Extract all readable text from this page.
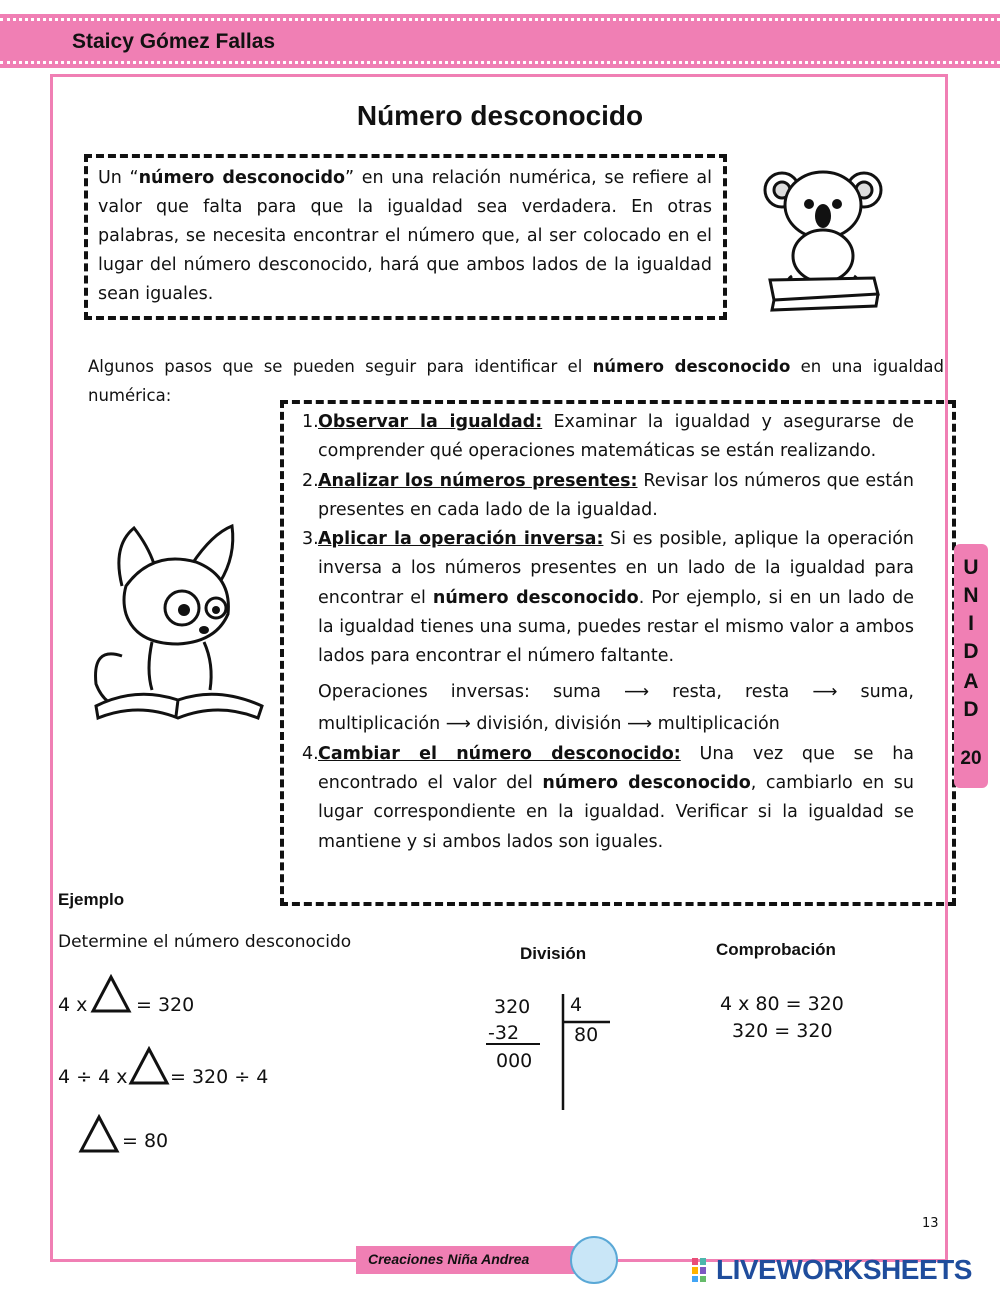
Staicy Gómez Fallas
Número desconocido

Un “número desconocido” en una relación numérica, se refiere al valor que falta para que la igualdad sea verdadera. En otras palabras, se necesita encontrar el número que, al ser colocado en el lugar del número desconocido, hará que ambos lados de la igualdad sean iguales.

Algunos pasos que se pueden seguir para identificar el número desconocido en una igualdad numérica:

1. Observar la igualdad: Examinar la igualdad y asegurarse de comprender qué operaciones matemáticas se están realizando.
2. Analizar los números presentes: Revisar los números que están presentes en cada lado de la igualdad.
3. Aplicar la operación inversa: Si es posible, aplique la operación inversa a los números presentes en un lado de la igualdad para encontrar el número desconocido. Por ejemplo, si en un lado de la igualdad tienes una suma, puedes restar el mismo valor a ambos lados para encontrar el número faltante.
Operaciones inversas: suma ⟶ resta, resta ⟶ suma, multiplicación ⟶ división, división ⟶ multiplicación
4. Cambiar el número desconocido: Una vez que se ha encontrado el valor del número desconocido, cambiarlo en su lugar correspondiente en la igualdad. Verificar si la igualdad se mantiene y si ambos lados son iguales.
U
N
I
D
A
D
20
Ejemplo
Determine el número desconocido
4 x	= 320
4 ÷ 4 x = 320 ÷ 4
= 80
División
320 4
-32	80
000
Comprobación
4 x 80 = 320
320 = 320
13
Creaciones Niña Andrea	LIVEWORKSHEETS
